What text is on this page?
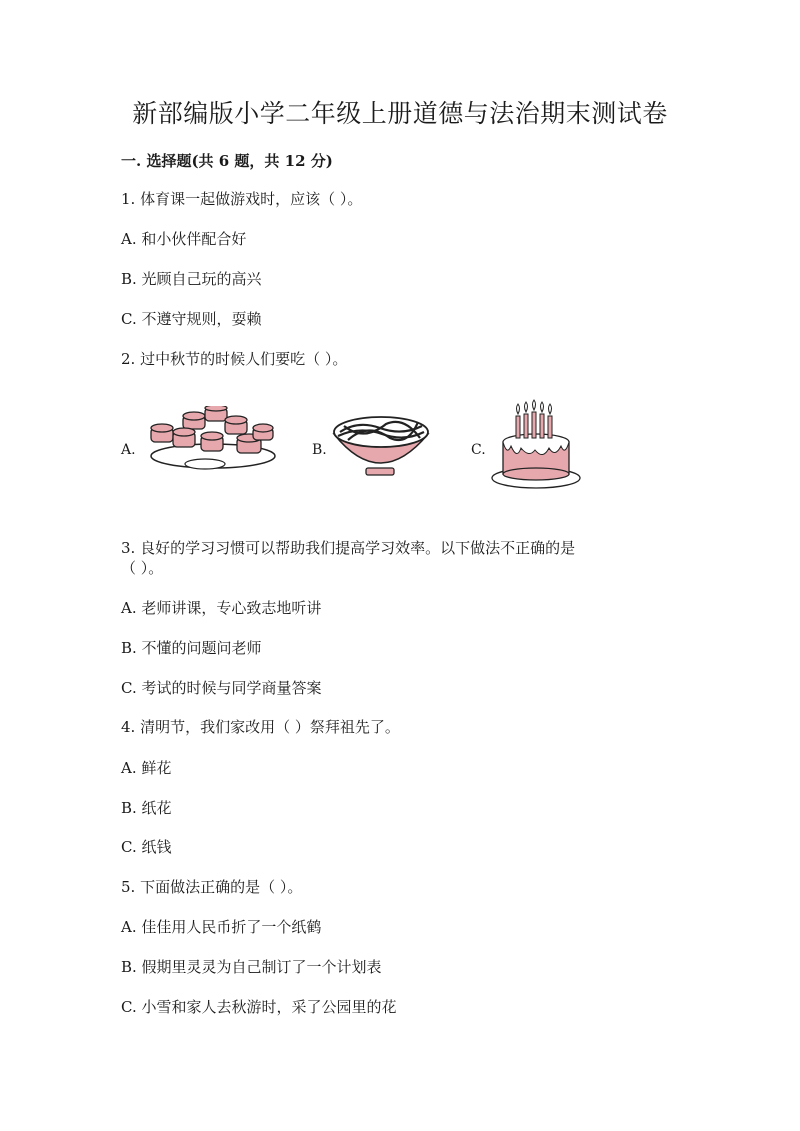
新部编版小学二年级上册道德与法治期末测试卷
一. 选择题(共 6 题，共 12 分)
1. 体育课一起做游戏时，应该（ ）。
A. 和小伙伴配合好
B. 光顾自己玩的高兴
C. 不遵守规则，耍赖
2. 过中秋节的时候人们要吃（ ）。
A.	B.	C.
3. 良好的学习习惯可以帮助我们提高学习效率。以下做法不正确的是
（ ）。
A. 老师讲课，专心致志地听讲
B. 不懂的问题问老师
C. 考试的时候与同学商量答案
4. 清明节，我们家改用（ ）祭拜祖先了。
A. 鲜花
B. 纸花
C. 纸钱
5. 下面做法正确的是（ ）。
A. 佳佳用人民币折了一个纸鹤
B. 假期里灵灵为自己制订了一个计划表
C. 小雪和家人去秋游时，采了公园里的花
